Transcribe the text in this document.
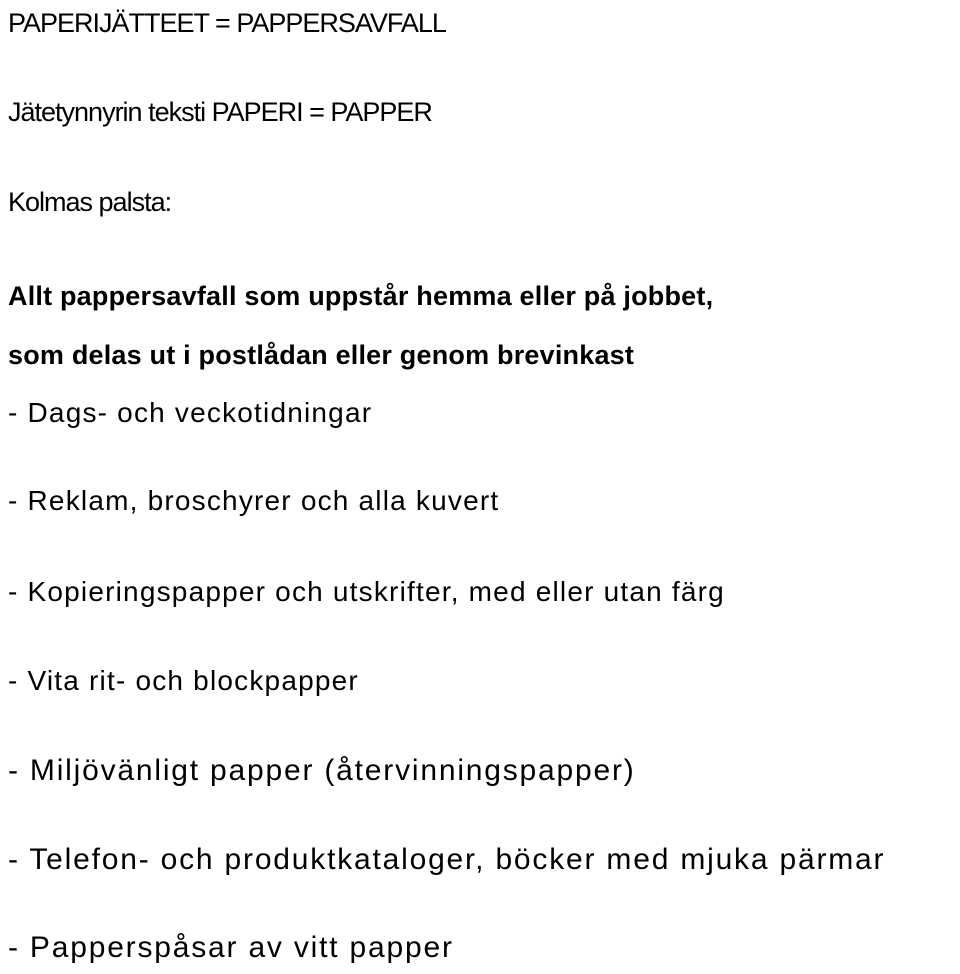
PAPERIJÄTTEET = PAPPERSAVFALL
Jätetynnyrin teksti PAPERI = PAPPER
Kolmas palsta:
Allt pappersavfall som uppstår hemma eller på jobbet,
som delas ut i postlådan eller genom brevinkast
- Dags- och veckotidningar
- Reklam, broschyrer och alla kuvert
- Kopieringspapper och utskrifter, med eller utan färg
- Vita rit- och blockpapper
- Miljövänligt papper (återvinningspapper)
- Telefon- och produktkataloger, böcker med mjuka pärmar
- Papperspåsar av vitt papper
